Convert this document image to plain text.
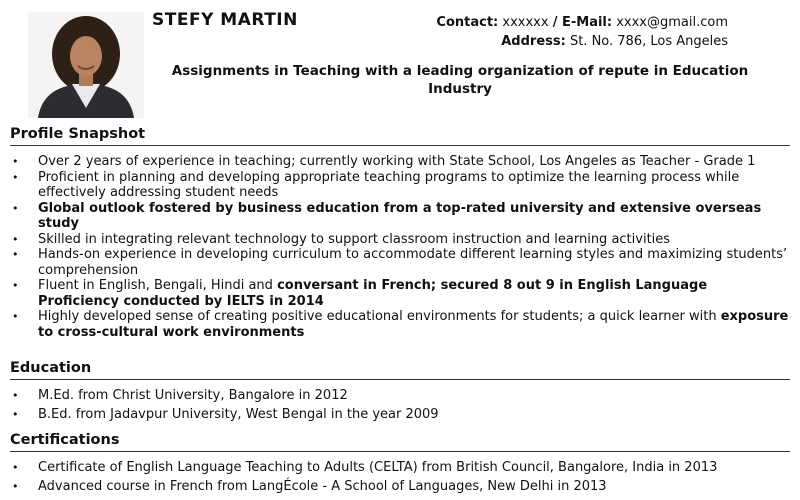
STEFY MARTIN	Contact: xxxxxx / E-Mail: xxxx@gmail.com
Address: St. No. 786, Los Angeles
Assignments in Teaching with a leading organization of repute in Education Industry
Profile Snapshot
• Over 2 years of experience in teaching; currently working with State School, Los Angeles as Teacher - Grade 1
• Proficient in planning and developing appropriate teaching programs to optimize the learning process while effectively addressing student needs
• Global outlook fostered by business education from a top-rated university and extensive overseas study
• Skilled in integrating relevant technology to support classroom instruction and learning activities
• Hands-on experience in developing curriculum to accommodate different learning styles and maximizing students’ comprehension
• Fluent in English, Bengali, Hindi and conversant in French; secured 8 out 9 in English Language Proficiency conducted by IELTS in 2014
• Highly developed sense of creating positive educational environments for students; a quick learner with exposure to cross-cultural work environments
Education
• M.Ed. from Christ University, Bangalore in 2012
• B.Ed. from Jadavpur University, West Bengal in the year 2009
Certifications
• Certificate of English Language Teaching to Adults (CELTA) from British Council, Bangalore, India in 2013
• Advanced course in French from LangÉcole - A School of Languages, New Delhi in 2013
